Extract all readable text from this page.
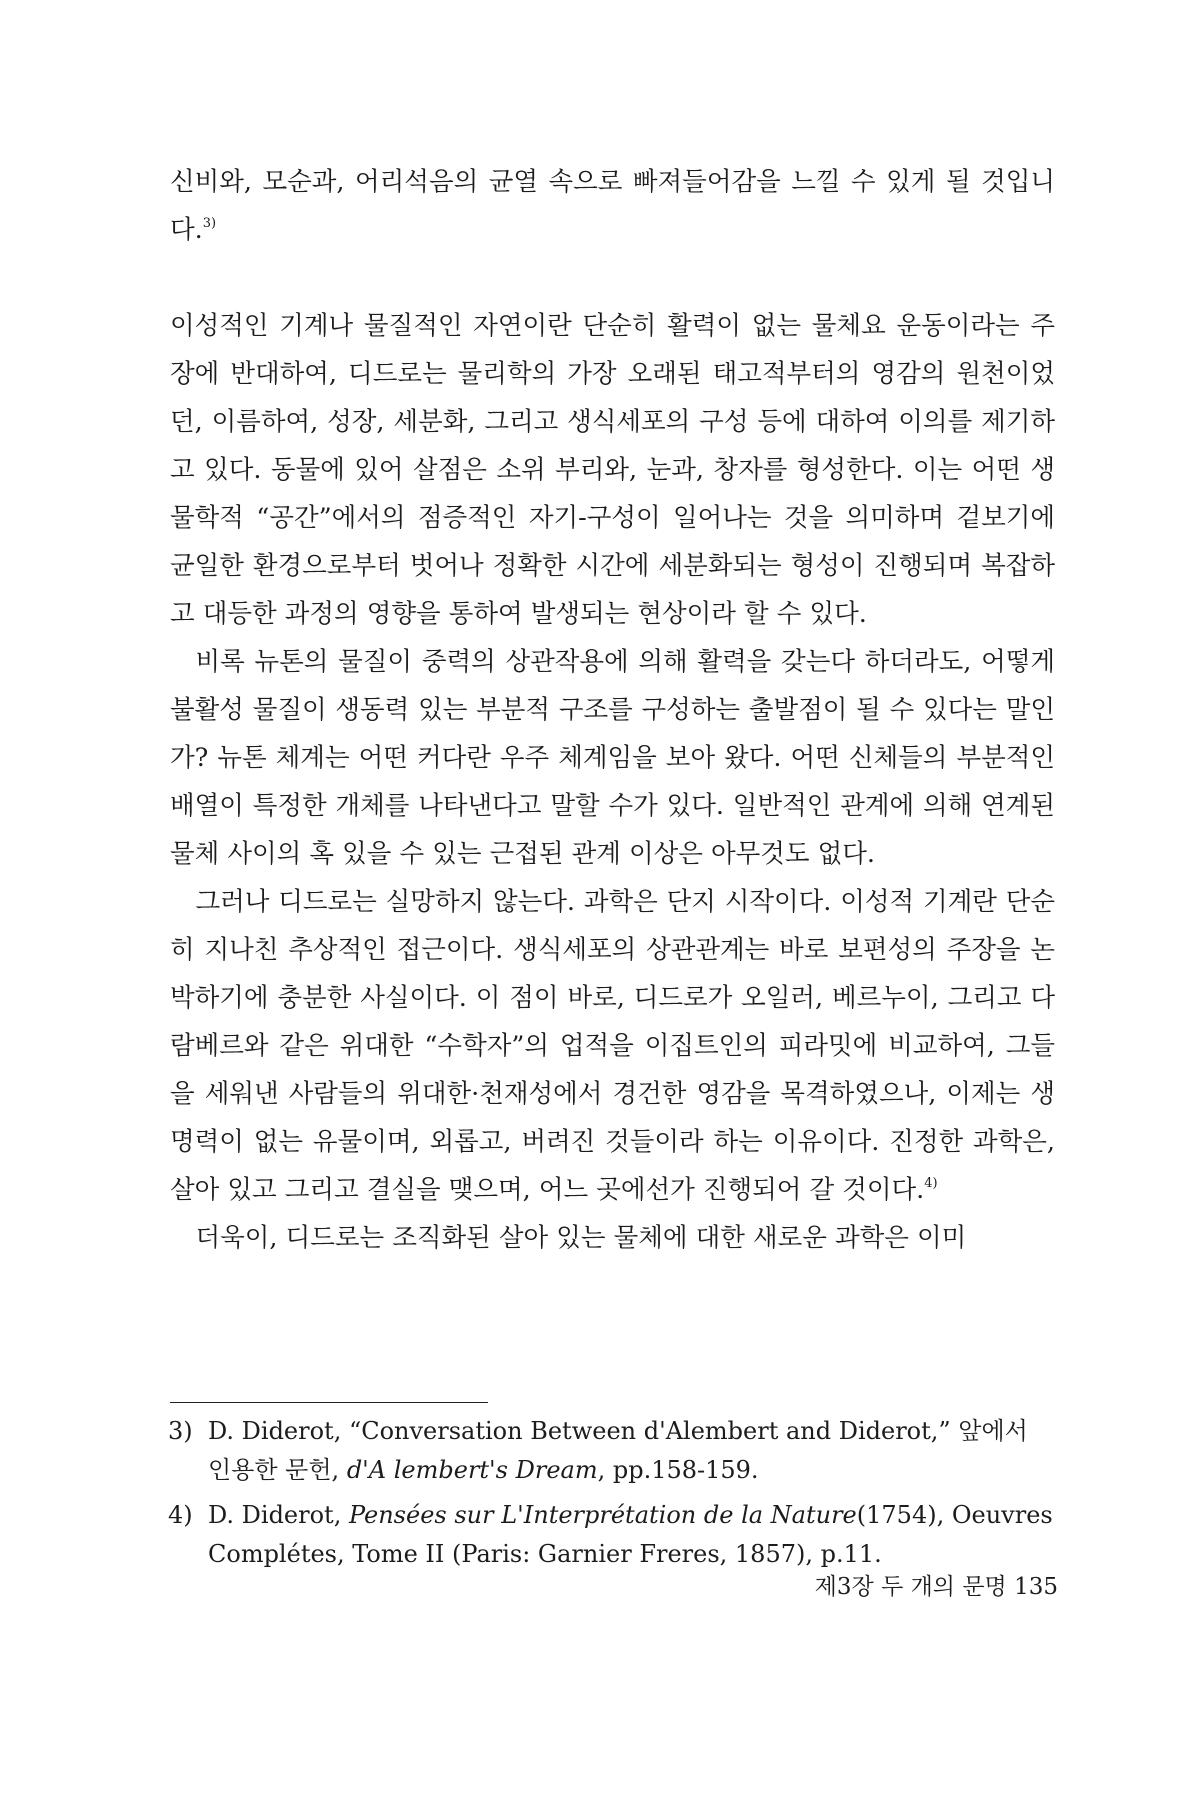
신비와, 모순과, 어리석음의 균열 속으로 빠져들어감을 느낄 수 있게 될 것입니다.$^{3)}$

이성적인 기계나 물질적인 자연이란 단순히 활력이 없는 물체요 운동이라는 주장에 반대하여, 디드로는 물리학의 가장 오래된 태고적부터의 영감의 원천이었던, 이름하여, 성장, 세분화, 그리고 생식세포의 구성 등에 대하여 이의를 제기하고 있다. 동물에 있어 살점은 소위 부리와, 눈과, 창자를 형성한다. 이는 어떤 생물학적 “공간”에서의 점증적인 자기-구성이 일어나는 것을 의미하며 겉보기에 균일한 환경으로부터 벗어나 정확한 시간에 세분화되는 형성이 진행되며 복잡하고 대등한 과정의 영향을 통하여 발생되는 현상이라 할 수 있다.

비록 뉴톤의 물질이 중력의 상관작용에 의해 활력을 갖는다 하더라도, 어떻게 불활성 물질이 생동력 있는 부분적 구조를 구성하는 출발점이 될 수 있다는 말인가? 뉴톤 체계는 어떤 커다란 우주 체계임을 보아 왔다. 어떤 신체들의 부분적인 배열이 특정한 개체를 나타낸다고 말할 수가 있다. 일반적인 관계에 의해 연계된 물체 사이의 혹 있을 수 있는 근접된 관계 이상은 아무것도 없다.

그러나 디드로는 실망하지 않는다. 과학은 단지 시작이다. 이성적 기계란 단순히 지나친 추상적인 접근이다. 생식세포의 상관관계는 바로 보편성의 주장을 논박하기에 충분한 사실이다. 이 점이 바로, 디드로가 오일러, 베르누이, 그리고 다람베르와 같은 위대한 “수학자”의 업적을 이집트인의 피라밋에 비교하여, 그들을 세워낸 사람들의 위대한·천재성에서 경건한 영감을 목격하였으나, 이제는 생명력이 없는 유물이며, 외롭고, 버려진 것들이라 하는 이유이다. 진정한 과학은, 살아 있고 그리고 결실을 맺으며, 어느 곳에선가 진행되어 갈 것이다.$^{4)}$

더욱이, 디드로는 조직화된 살아 있는 물체에 대한 새로운 과학은 이미

3) D. Diderot, “Conversation Between d'Alembert and Diderot,” 앞에서 인용한 문헌, d'A lembert's Dream, pp.158-159.
4) D. Diderot, Pensées sur L'Interprétation de la Nature(1754), Oeuvres Complétes, Tome II (Paris: Garnier Freres, 1857), p.11.
제3장 두 개의 문명 135
